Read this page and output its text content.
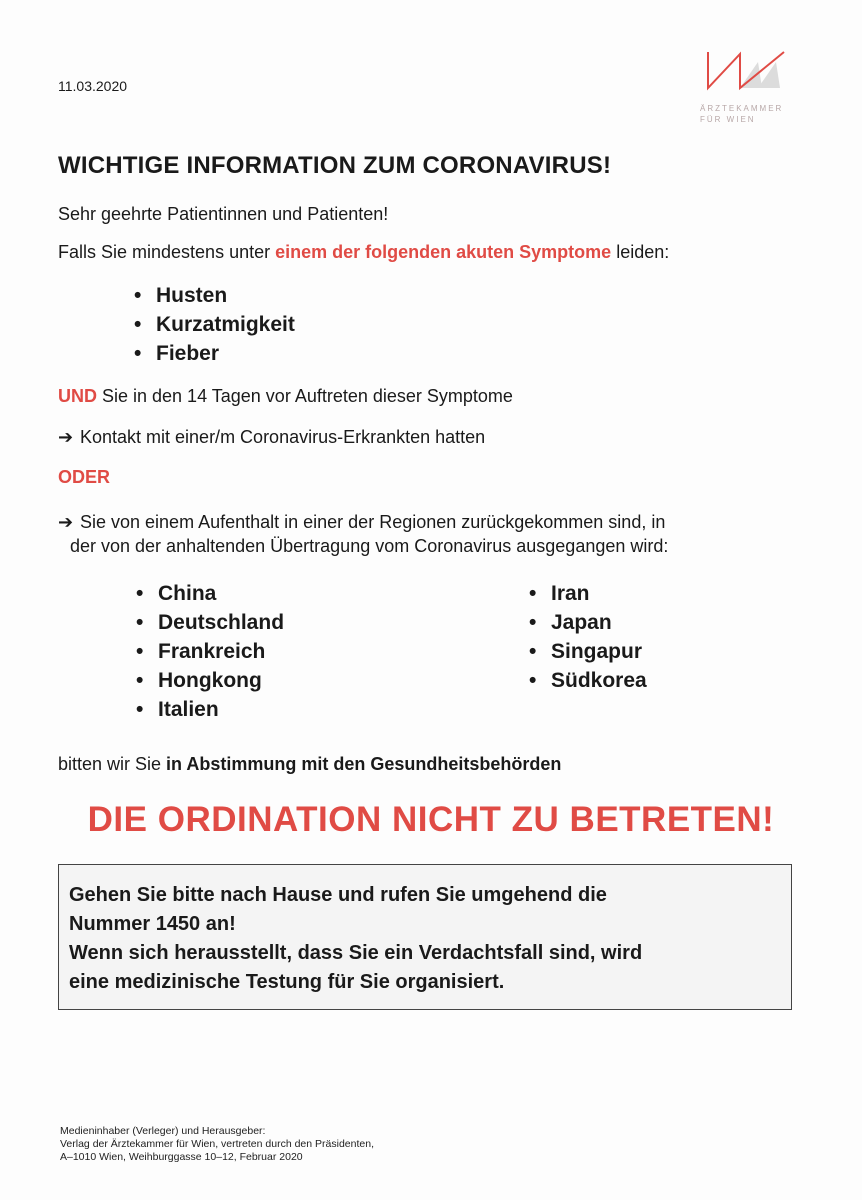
11.03.2020
ÄRZTEKAMMER
FÜR WIEN
WICHTIGE INFORMATION ZUM CORONAVIRUS!
Sehr geehrte Patientinnen und Patienten!
Falls Sie mindestens unter einem der folgenden akuten Symptome leiden:
• Husten
• Kurzatmigkeit
• Fieber
UND Sie in den 14 Tagen vor Auftreten dieser Symptome
➔ Kontakt mit einer/m Coronavirus-Erkrankten hatten
ODER
➔ Sie von einem Aufenthalt in einer der Regionen zurückgekommen sind, in
der von der anhaltenden Übertragung vom Coronavirus ausgegangen wird:
• China
• Deutschland
• Frankreich
• Hongkong
• Italien
• Iran
• Japan
• Singapur
• Südkorea
bitten wir Sie in Abstimmung mit den Gesundheitsbehörden
DIE ORDINATION NICHT ZU BETRETEN!
Gehen Sie bitte nach Hause und rufen Sie umgehend die
Nummer 1450 an!
Wenn sich herausstellt, dass Sie ein Verdachtsfall sind, wird
eine medizinische Testung für Sie organisiert.
Medieninhaber (Verleger) und Herausgeber:
Verlag der Ärztekammer für Wien, vertreten durch den Präsidenten,
A–1010 Wien, Weihburggasse 10–12, Februar 2020
